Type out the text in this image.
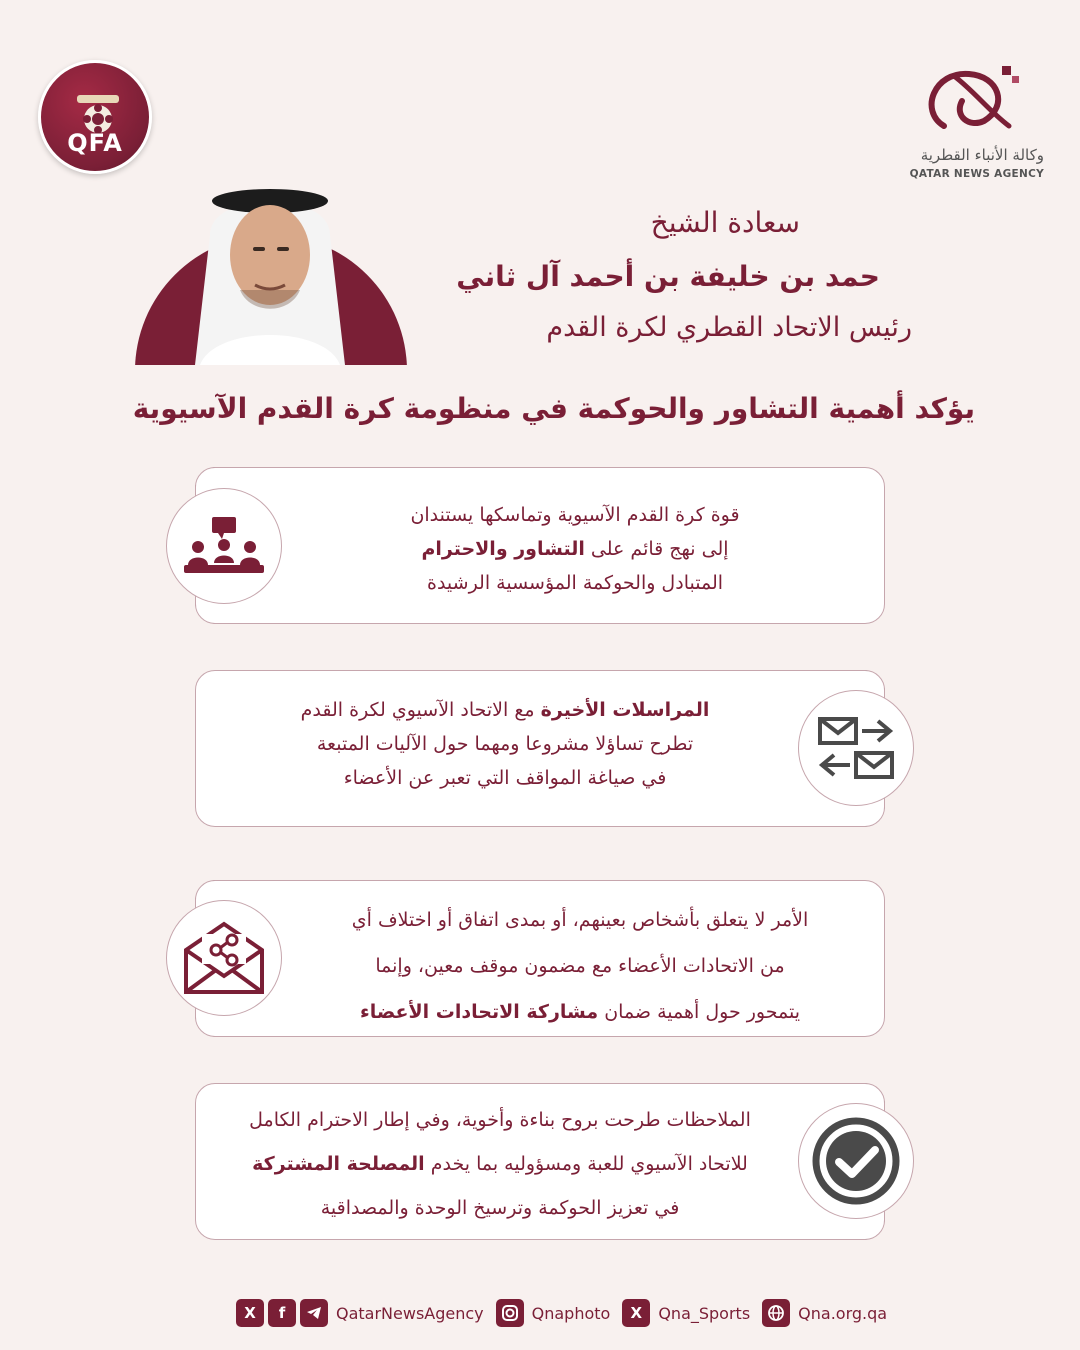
QFA	وكالة الأنباء القطرية
QATAR NEWS AGENCY
سعادة الشيخ
حمد بن خليفة بن أحمد آل ثاني
رئيس الاتحاد القطري لكرة القدم
يؤكد أهمية التشاور والحوكمة في منظومة كرة القدم الآسيوية
قوة كرة القدم الآسيوية وتماسكها يستندان
إلى نهج قائم على التشاور والاحترام
المتبادل والحوكمة المؤسسية الرشيدة
المراسلات الأخيرة مع الاتحاد الآسيوي لكرة القدم
تطرح تساؤلا مشروعا ومهما حول الآليات المتبعة
في صياغة المواقف التي تعبر عن الأعضاء
الأمر لا يتعلق بأشخاص بعينهم، أو بمدى اتفاق أو اختلاف أي
من الاتحادات الأعضاء مع مضمون موقف معين، وإنما
يتمحور حول أهمية ضمان مشاركة الاتحادات الأعضاء
الملاحظات طرحت بروح بناءة وأخوية، وفي إطار الاحترام الكامل
للاتحاد الآسيوي للعبة ومسؤوليه بما يخدم المصلحة المشتركة
في تعزيز الحوكمة وترسيخ الوحدة والمصداقية
X	f	QatarNewsAgency	Qnaphoto	X	Qna_Sports	Qna.org.qa
